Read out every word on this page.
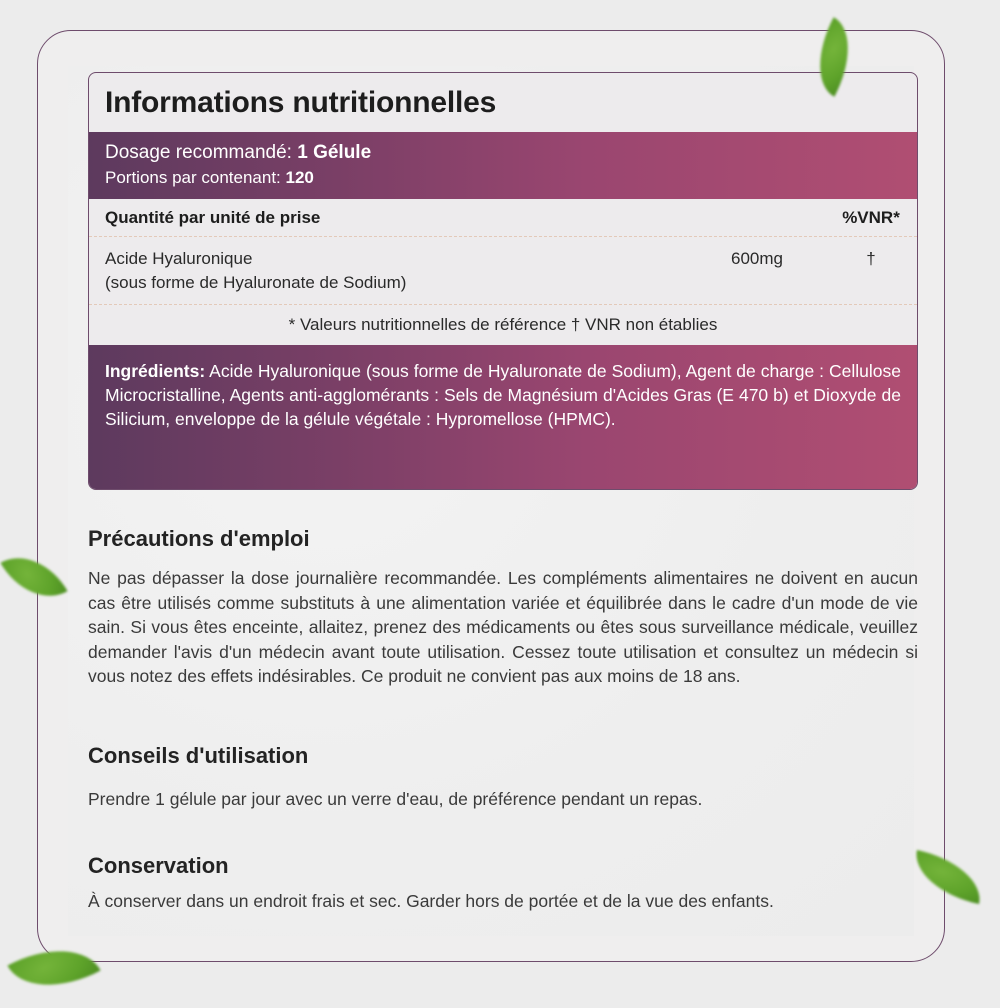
Informations nutritionnelles
Dosage recommandé: 1 Gélule
Portions par contenant: 120
Quantité par unité de prise	%VNR*
Acide Hyaluronique
(sous forme de Hyaluronate de Sodium)
600mg	†
* Valeurs nutritionnelles de référence † VNR non établies
Ingrédients: Acide Hyaluronique (sous forme de Hyaluronate de Sodium), Agent de charge : Cellulose Microcristalline, Agents anti-agglomérants : Sels de Magnésium d'Acides Gras (E 470 b) et Dioxyde de Silicium, enveloppe de la gélule végétale : Hypromellose (HPMC).
Précautions d'emploi

Ne pas dépasser la dose journalière recommandée. Les compléments alimentaires ne doivent en aucun cas être utilisés comme substituts à une alimentation variée et équilibrée dans le cadre d'un mode de vie sain. Si vous êtes enceinte, allaitez, prenez des médicaments ou êtes sous surveillance médicale, veuillez demander l'avis d'un médecin avant toute utilisation. Cessez toute utilisation et consultez un médecin si vous notez des effets indésirables. Ce produit ne convient pas aux moins de 18 ans.

Conseils d'utilisation

Prendre 1 gélule par jour avec un verre d'eau, de préférence pendant un repas.

Conservation

À conserver dans un endroit frais et sec. Garder hors de portée et de la vue des enfants.
